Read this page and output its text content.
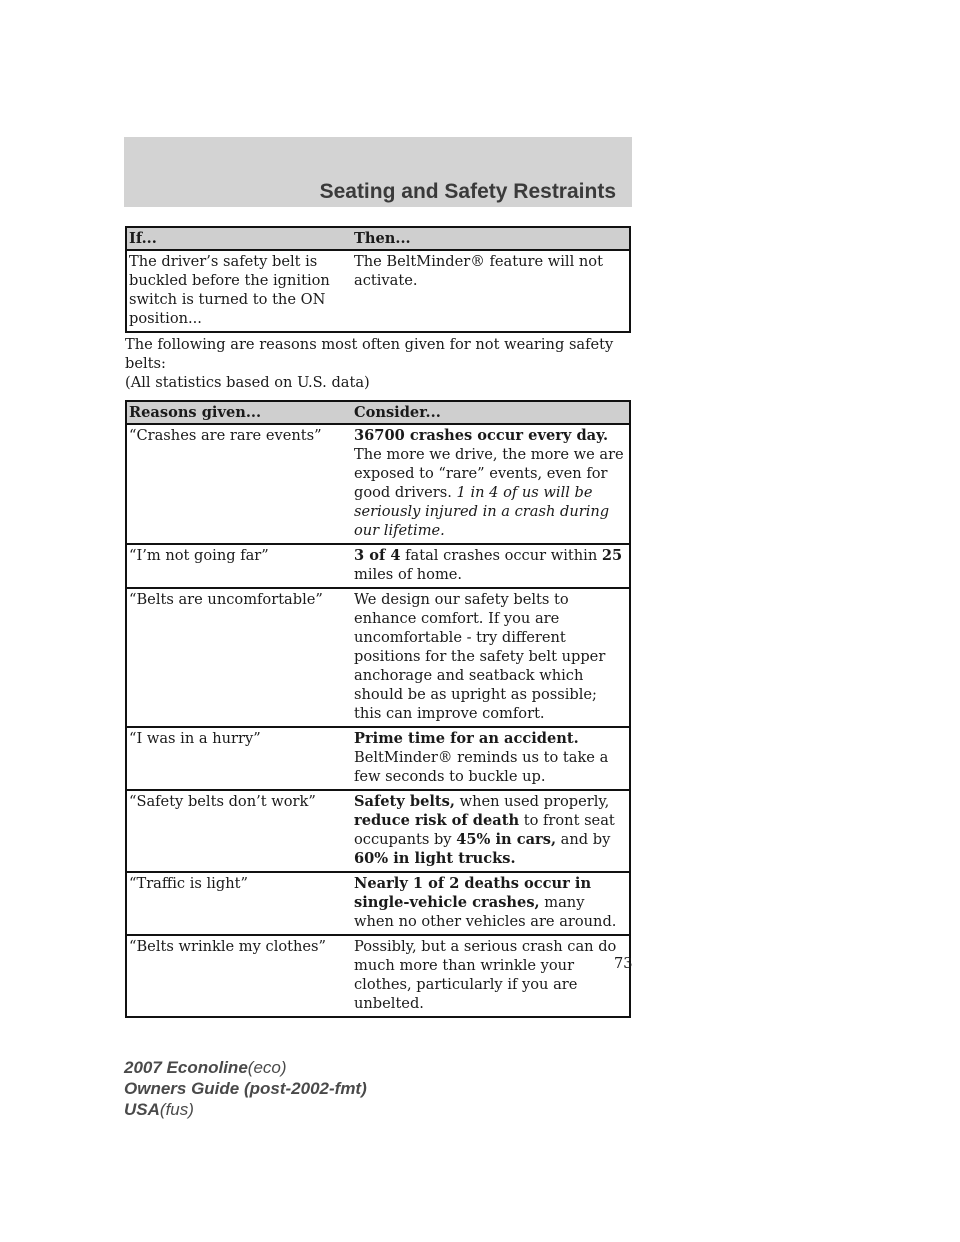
Seating and Safety Restraints
If...	Then...
The driver’s safety belt is buckled before the ignition switch is turned to the ON position...	The BeltMinder® feature will not activate.
The following are reasons most often given for not wearing safety belts:
(All statistics based on U.S. data)
Reasons given...	Consider...
“Crashes are rare events”	36700 crashes occur every day. The more we drive, the more we are exposed to “rare” events, even for good drivers. 1 in 4 of us will be seriously injured in a crash during our lifetime.
“I’m not going far”	3 of 4 fatal crashes occur within 25 miles of home.
“Belts are uncomfortable”	We design our safety belts to enhance comfort. If you are uncomfortable - try different positions for the safety belt upper anchorage and seatback which should be as upright as possible; this can improve comfort.
“I was in a hurry”	Prime time for an accident. BeltMinder® reminds us to take a few seconds to buckle up.
“Safety belts don’t work”	Safety belts, when used properly, reduce risk of death to front seat occupants by 45% in cars, and by 60% in light trucks.
“Traffic is light”	Nearly 1 of 2 deaths occur in single-vehicle crashes, many when no other vehicles are around.
“Belts wrinkle my clothes”	Possibly, but a serious crash can do much more than wrinkle your clothes, particularly if you are unbelted.
73
2007 Econoline(eco)
Owners Guide (post-2002-fmt)
USA(fus)
